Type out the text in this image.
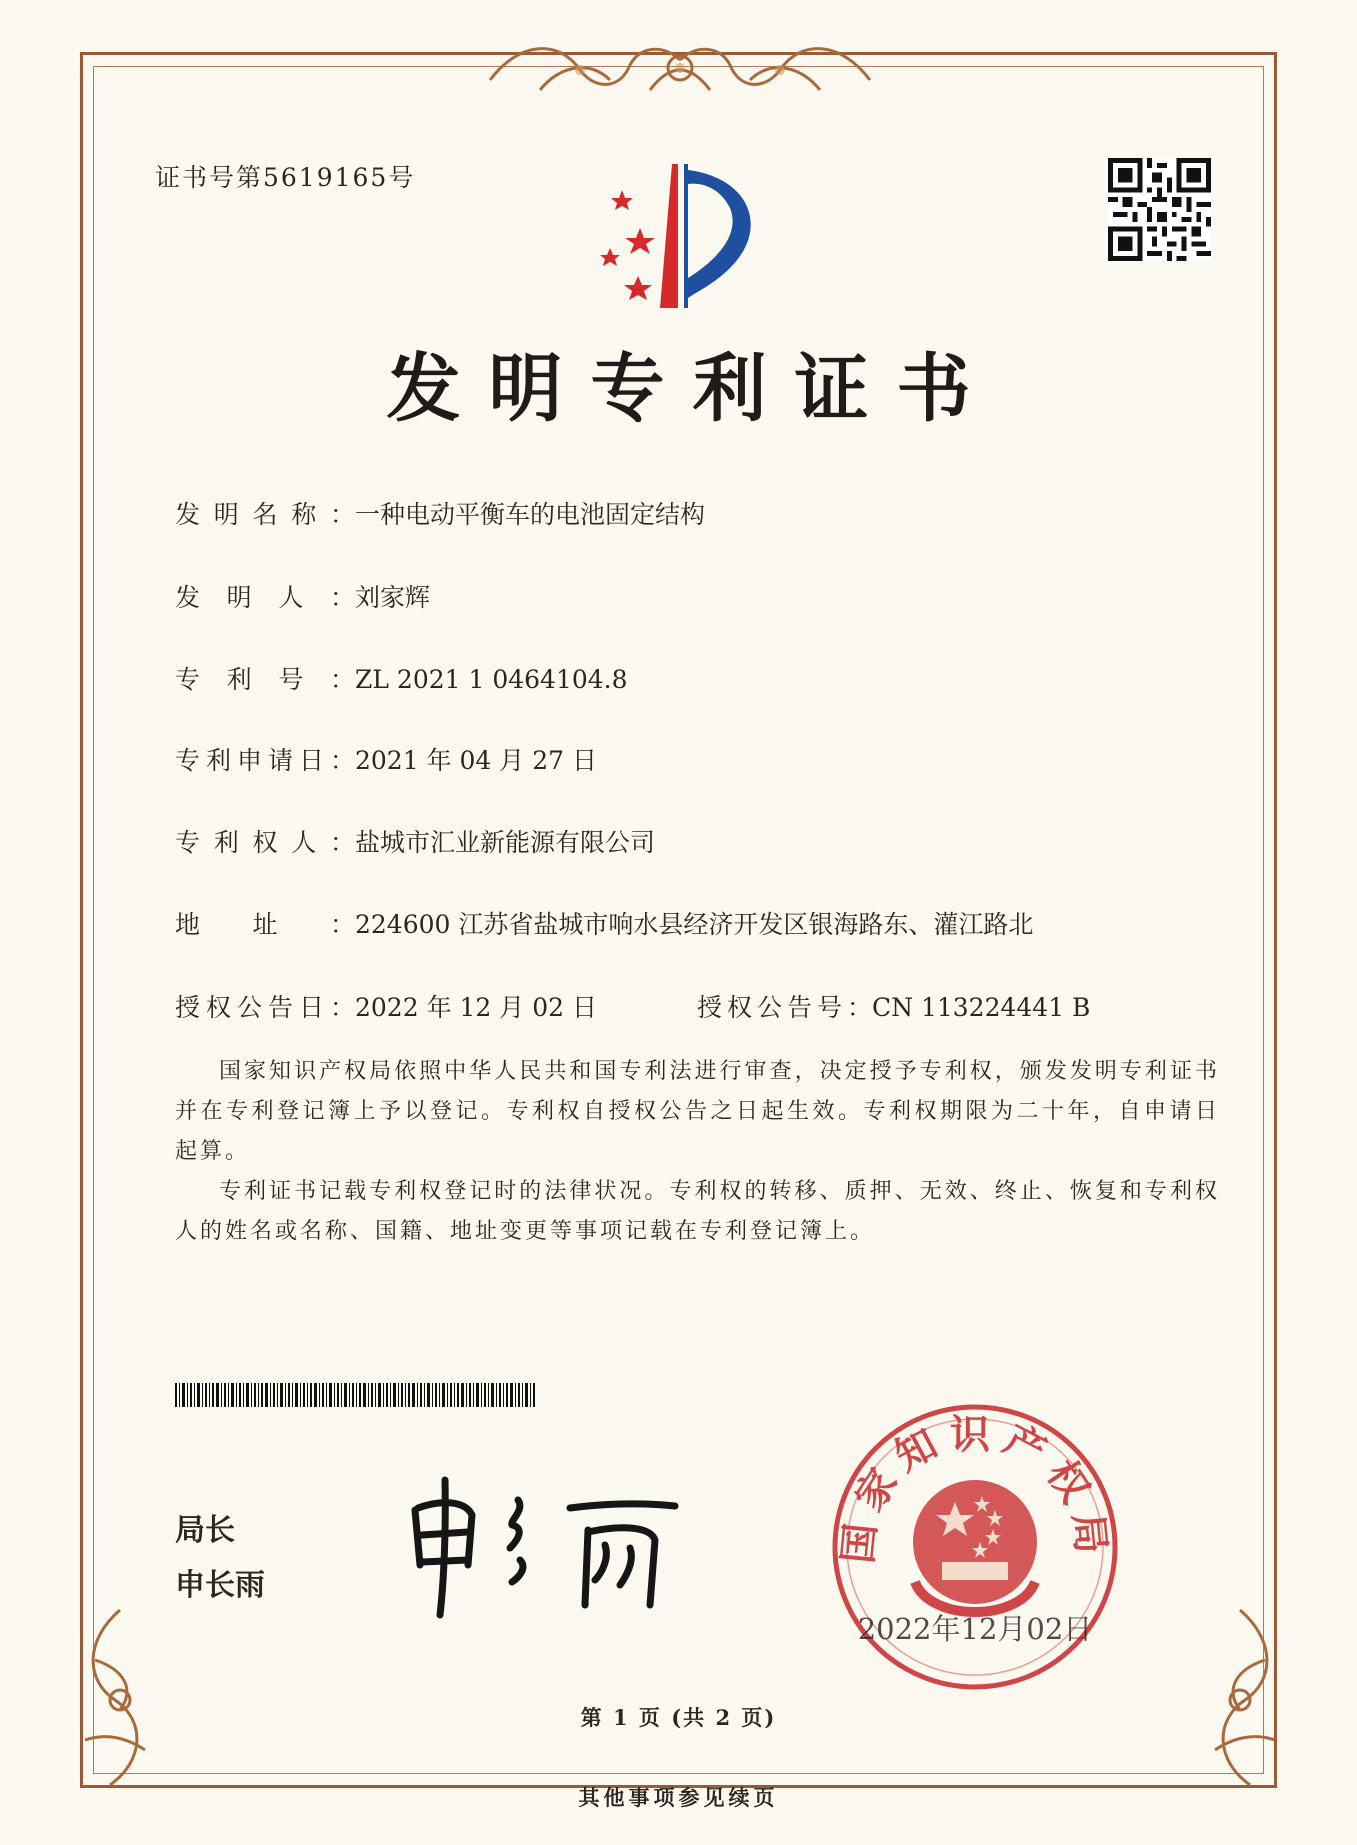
证书号第5619165号
发明专利证书
发明名称：一种电动平衡车的电池固定结构
发明人：刘家辉
专利号：ZL 2021 1 0464104.8
专利申请日：2021 年 04 月 27 日
专利权人：盐城市汇业新能源有限公司
地址：224600 江苏省盐城市响水县经济开发区银海路东、灌江路北
授权公告日：2022 年 12 月 02 日	授权公告号：CN 113224441 B
国家知识产权局依照中华人民共和国专利法进行审查，决定授予专利权，颁发发明专利证书并在专利登记簿上予以登记。专利权自授权公告之日起生效。专利权期限为二十年，自申请日起算。
专利证书记载专利权登记时的法律状况。专利权的转移、质押、无效、终止、恢复和专利权人的姓名或名称、国籍、地址变更等事项记载在专利登记簿上。
局长
申长雨
国家知识产权局
2022年12月02日
第 1 页 (共 2 页)
其他事项参见续页
